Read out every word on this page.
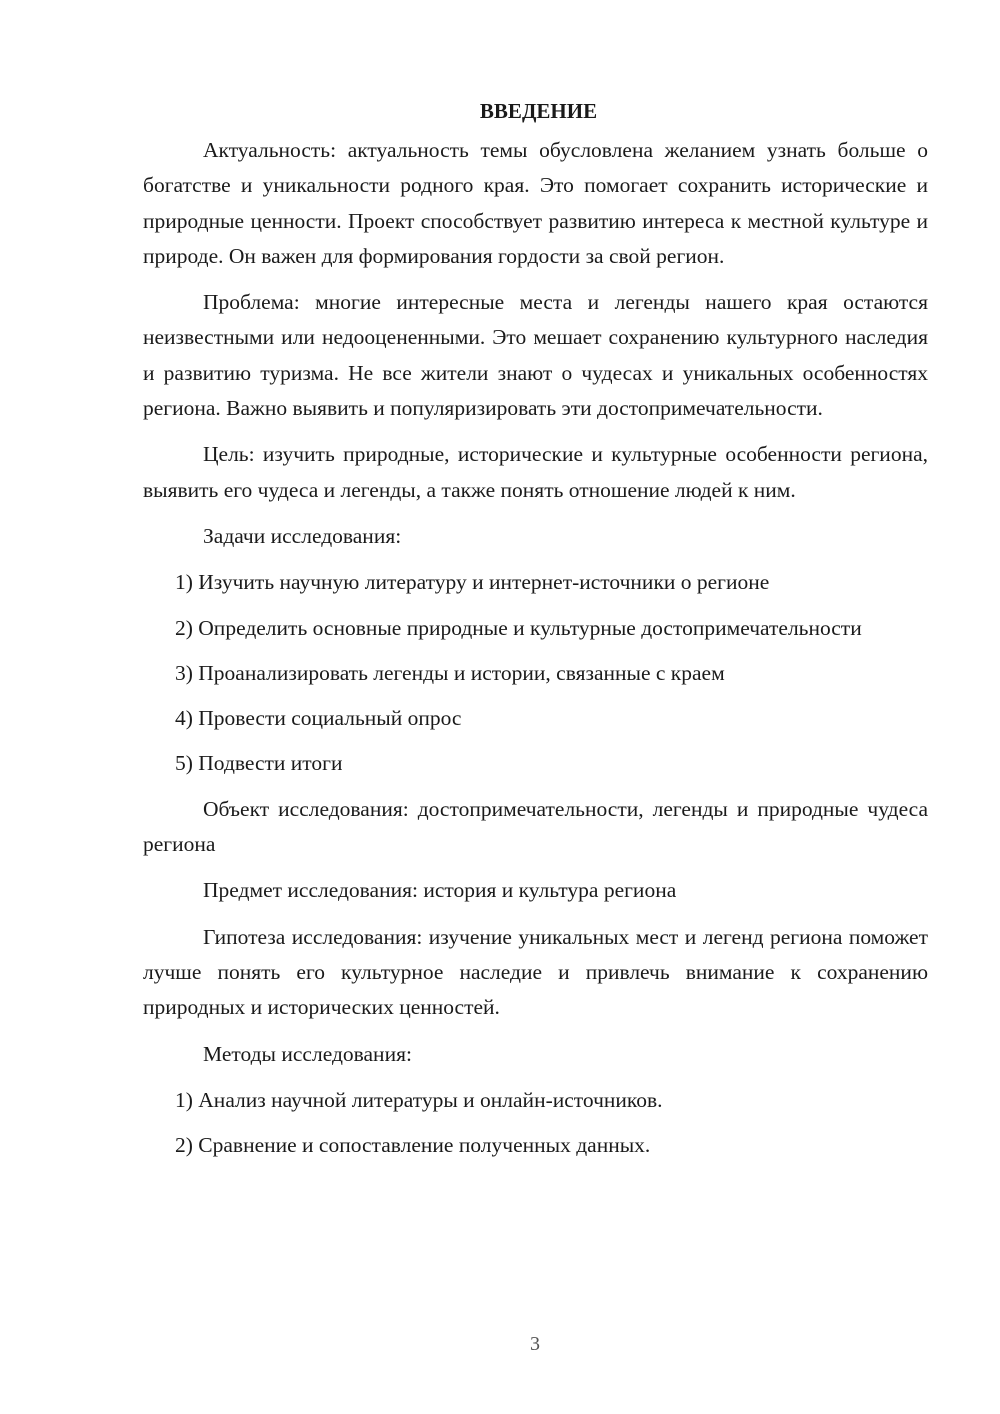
ВВЕДЕНИЕ

Актуальность: актуальность темы обусловлена желанием узнать больше о богатстве и уникальности родного края. Это помогает сохранить исторические и природные ценности. Проект способствует развитию интереса к местной культуре и природе. Он важен для формирования гордости за свой регион.

Проблема: многие интересные места и легенды нашего края остаются неизвестными или недооцененными. Это мешает сохранению культурного наследия и развитию туризма. Не все жители знают о чудесах и уникальных особенностях региона. Важно выявить и популяризировать эти достопримечательности.

Цель: изучить природные, исторические и культурные особенности региона, выявить его чудеса и легенды, а также понять отношение людей к ним.

Задачи исследования:

1) Изучить научную литературу и интернет-источники о регионе

2) Определить основные природные и культурные достопримечательности

3) Проанализировать легенды и истории, связанные с краем

4) Провести социальный опрос

5) Подвести итоги

Объект исследования: достопримечательности, легенды и природные чудеса региона

Предмет исследования: история и культура региона

Гипотеза исследования: изучение уникальных мест и легенд региона поможет лучше понять его культурное наследие и привлечь внимание к сохранению природных и исторических ценностей.

Методы исследования:

1) Анализ научной литературы и онлайн-источников.

2) Сравнение и сопоставление полученных данных.

3
